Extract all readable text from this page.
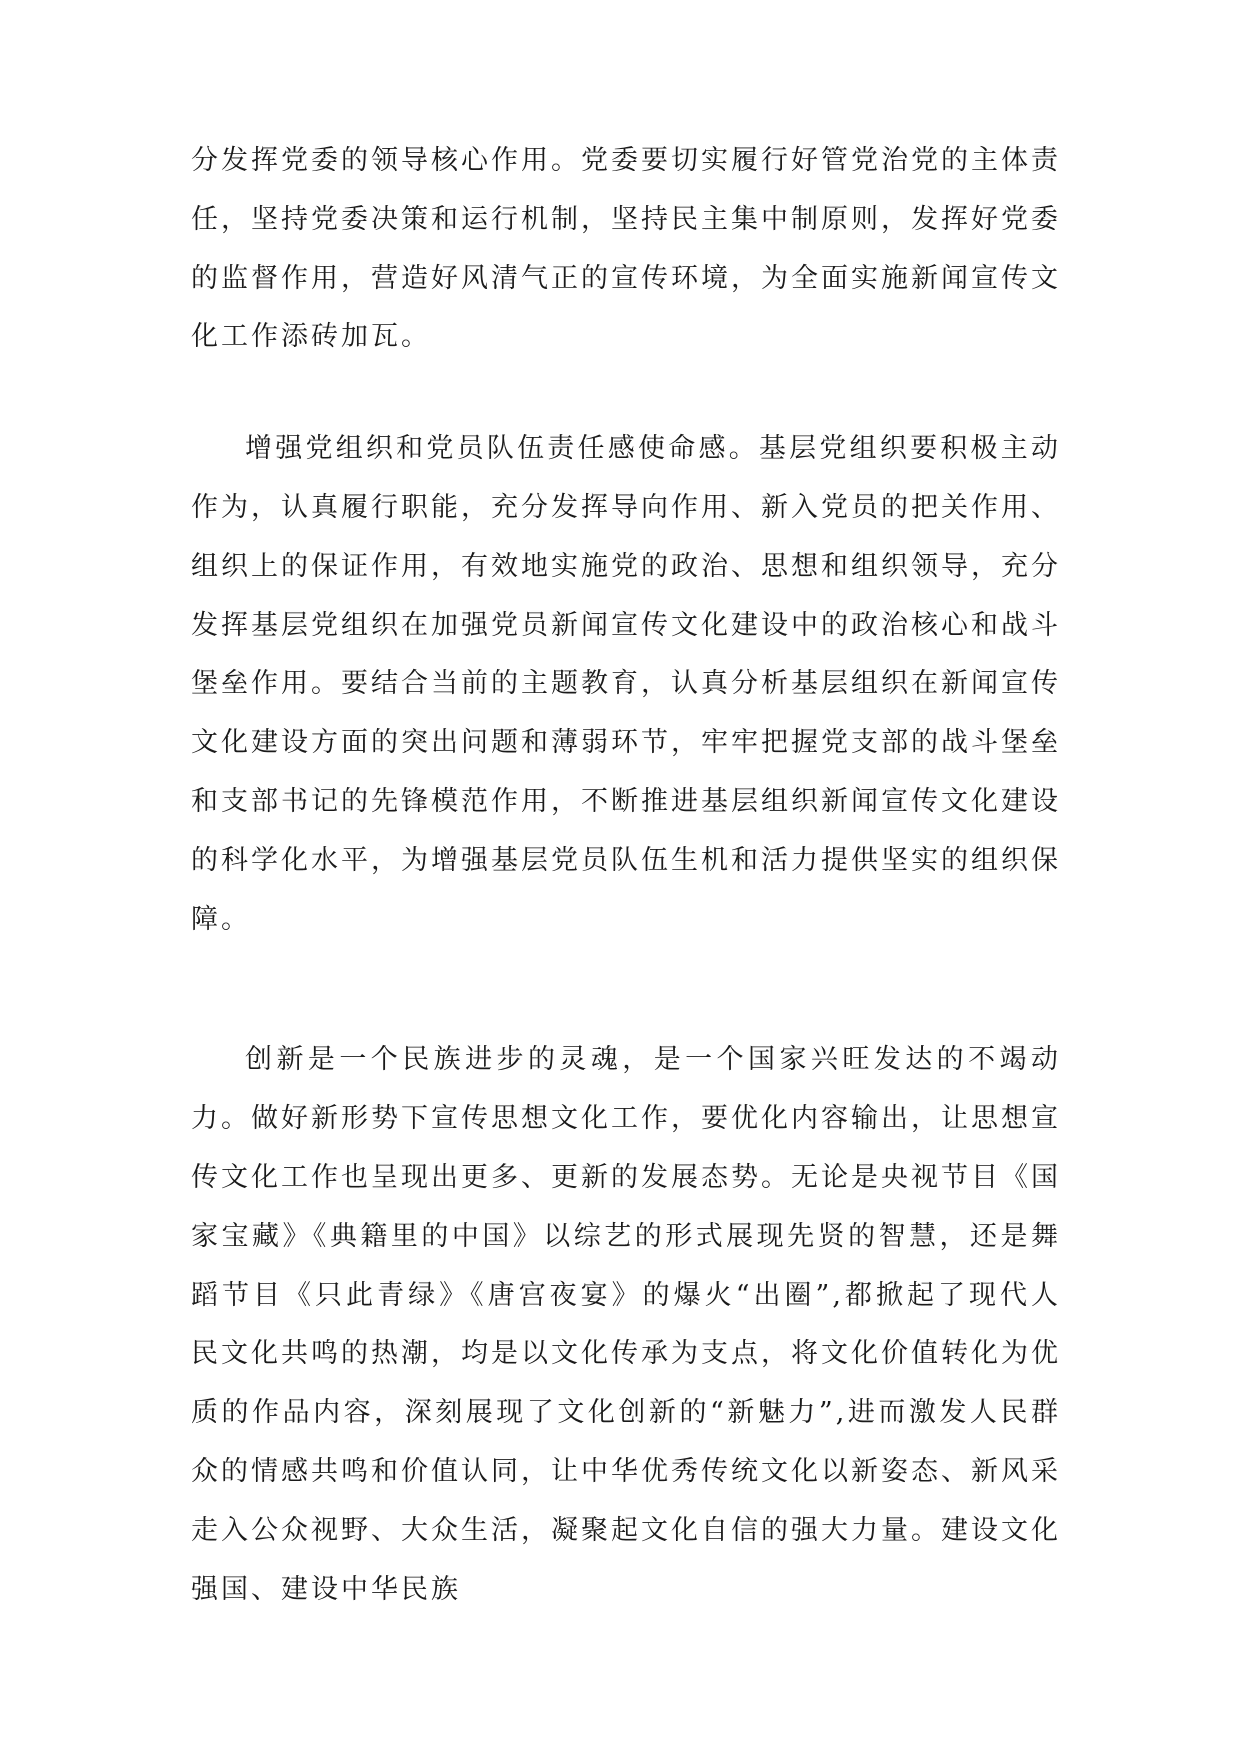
分发挥党委的领导核心作用。党委要切实履行好管党治党的主体责任，坚持党委决策和运行机制，坚持民主集中制原则，发挥好党委的监督作用，营造好风清气正的宣传环境，为全面实施新闻宣传文化工作添砖加瓦。

增强党组织和党员队伍责任感使命感。基层党组织要积极主动作为，认真履行职能，充分发挥导向作用、新入党员的把关作用、组织上的保证作用，有效地实施党的政治、思想和组织领导，充分发挥基层党组织在加强党员新闻宣传文化建设中的政治核心和战斗堡垒作用。要结合当前的主题教育，认真分析基层组织在新闻宣传文化建设方面的突出问题和薄弱环节，牢牢把握党支部的战斗堡垒和支部书记的先锋模范作用，不断推进基层组织新闻宣传文化建设的科学化水平，为增强基层党员队伍生机和活力提供坚实的组织保障。

创新是一个民族进步的灵魂，是一个国家兴旺发达的不竭动力。做好新形势下宣传思想文化工作，要优化内容输出，让思想宣传文化工作也呈现出更多、更新的发展态势。无论是央视节目《国家宝藏》《典籍里的中国》以综艺的形式展现先贤的智慧，还是舞蹈节目《只此青绿》《唐宫夜宴》的爆火“出圈”,都掀起了现代人民文化共鸣的热潮，均是以文化传承为支点，将文化价值转化为优质的作品内容，深刻展现了文化创新的“新魅力”,进而激发人民群众的情感共鸣和价值认同，让中华优秀传统文化以新姿态、新风采走入公众视野、大众生活，凝聚起文化自信的强大力量。建设文化强国、建设中华民族
